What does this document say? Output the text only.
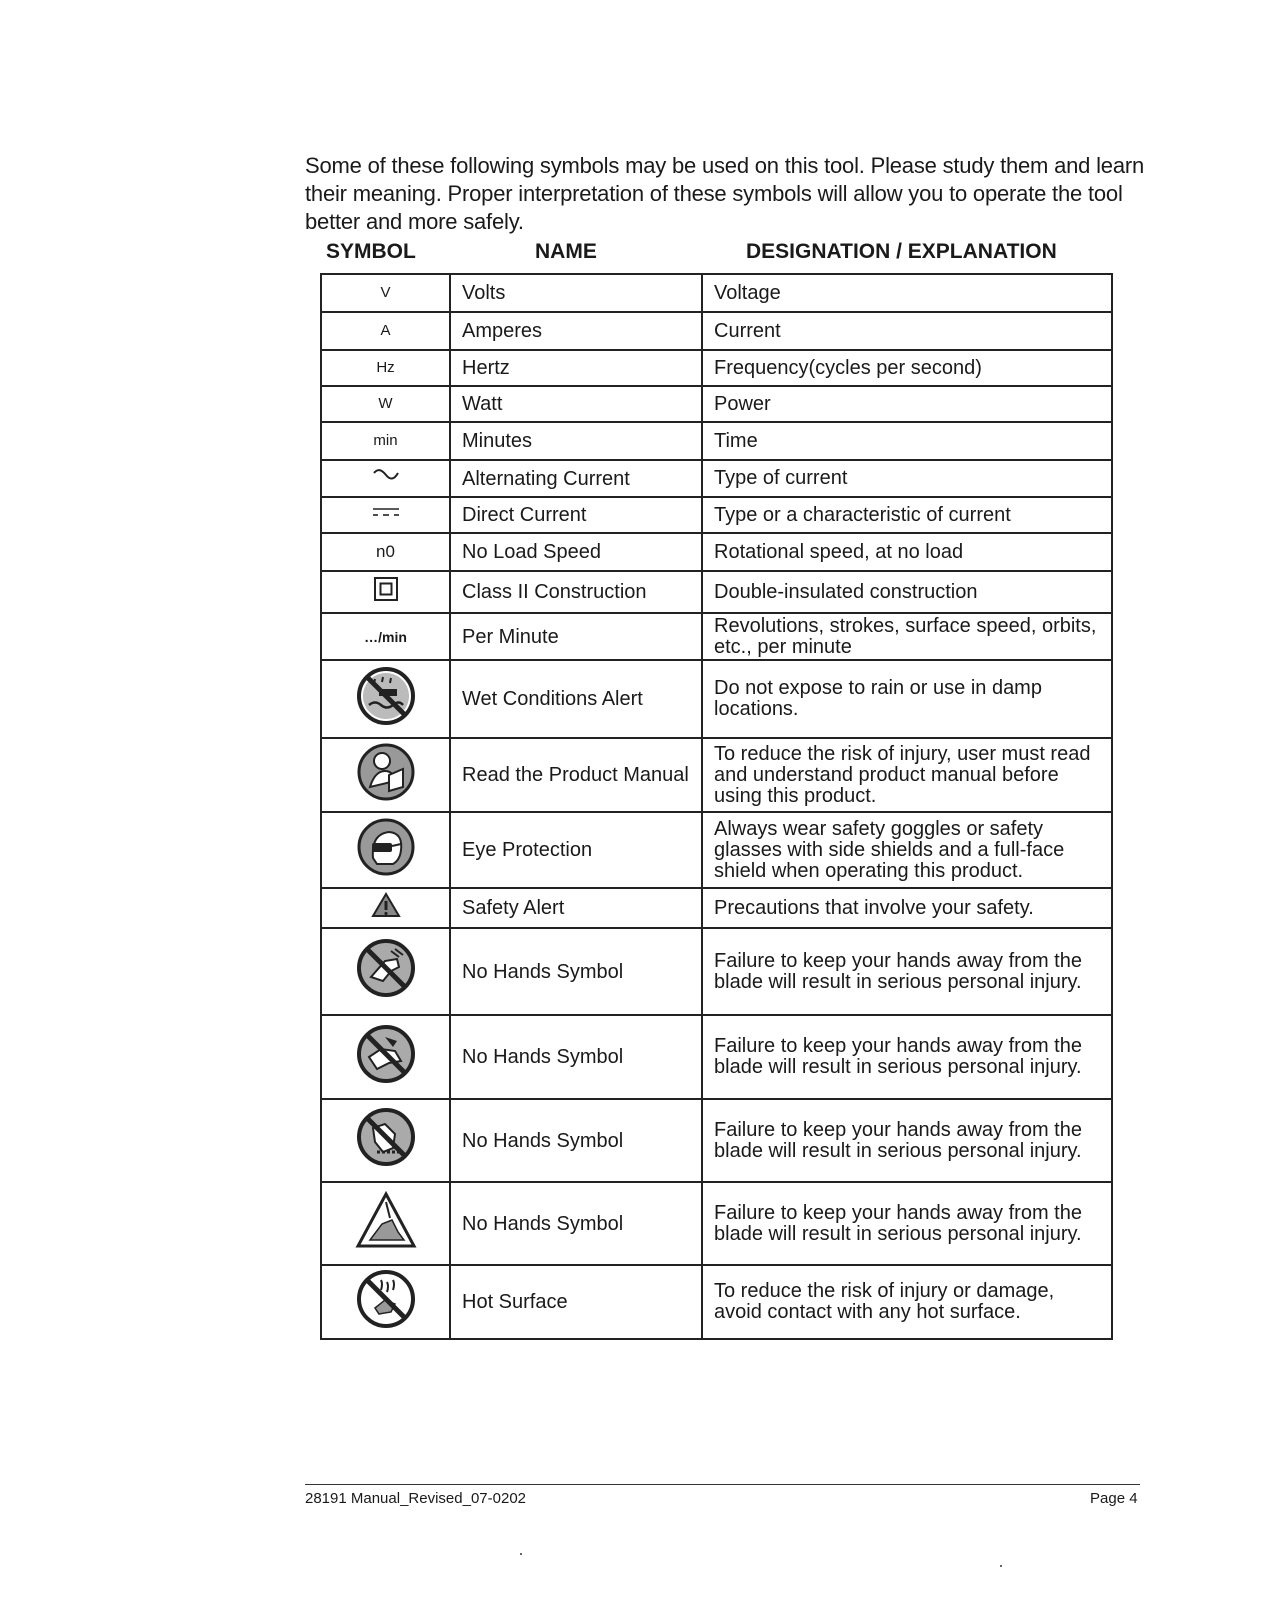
Some of these following symbols may be used on this tool. Please study them and learn their meaning. Proper interpretation of these symbols will allow you to operate the tool better and more safely.

SYMBOL	NAME	DESIGNATION / EXPLANATION
V	Volts	Voltage
A	Amperes	Current
Hz	Hertz	Frequency(cycles per second)
W	Watt	Power
min	Minutes	Time
	Alternating Current	Type of current
	Direct Current	Type or a characteristic of current
n0	No Load Speed	Rotational speed, at no load
	Class II Construction	Double-insulated construction
…/min	Per Minute	Revolutions, strokes, surface speed, orbits, etc., per minute
	Wet Conditions Alert	Do not expose to rain or use in damp locations.
	Read the Product Manual	To reduce the risk of injury, user must read and understand product manual before using this product.
	Eye Protection	Always wear safety goggles or safety glasses with side shields and a full-face shield when operating this product.
	Safety Alert	Precautions that involve your safety.
	No Hands Symbol	Failure to keep your hands away from the blade will result in serious personal injury.
	No Hands Symbol	Failure to keep your hands away from the blade will result in serious personal injury.
	No Hands Symbol	Failure to keep your hands away from the blade will result in serious personal injury.
	No Hands Symbol	Failure to keep your hands away from the blade will result in serious personal injury.
	Hot Surface	To reduce the risk of injury or damage, avoid contact with any hot surface.
28191 Manual_Revised_07-0202	Page 4
